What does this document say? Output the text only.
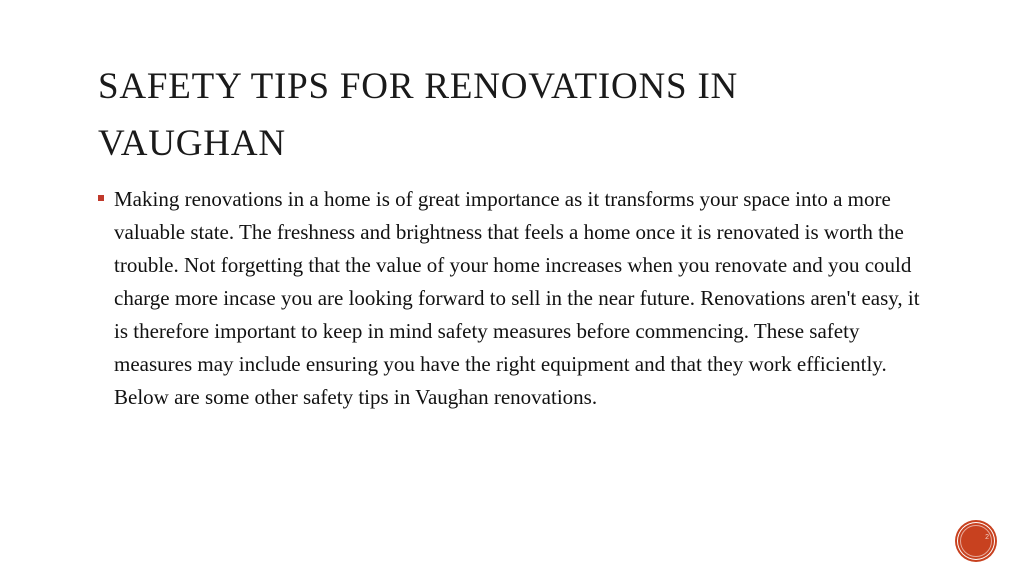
SAFETY TIPS FOR RENOVATIONS IN VAUGHAN
Making renovations in a home is of great importance as it transforms your space into a more valuable state. The freshness and brightness that feels a home once it is renovated is worth the trouble. Not forgetting that the value of your home increases when you renovate and you could charge more incase you are looking forward to sell in the near future. Renovations aren't easy, it is therefore important to keep in mind safety measures before commencing. These safety measures may include ensuring you have the right equipment and that they work efficiently. Below are some other safety tips in Vaughan renovations.
2
